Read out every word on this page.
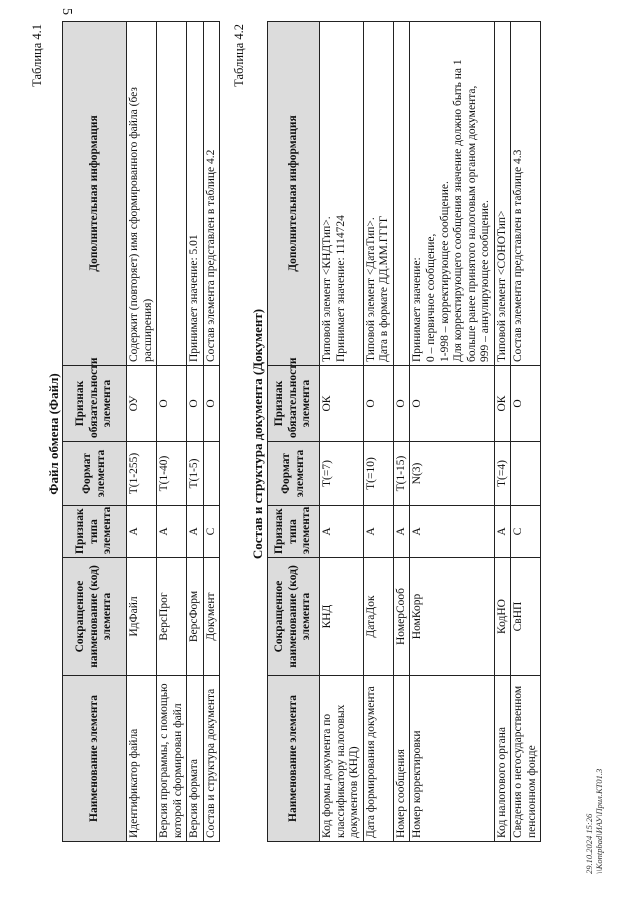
5
Таблица 4.1
Файл обмена (Файл)
Наименование элемента	Сокращенное наименование (код) элемента	Признак типа элемента	Формат элемента	Признак обязательности элемента	Дополнительная информация
Идентификатор файла	ИдФайл	А	Т(1-255)	ОУ	Содержит (повторяет) имя сформированного файла (без расширения)
Версия программы, с помощью которой сформирован файл	ВерсПрог	А	Т(1-40)	О	
Версия формата	ВерсФорм	А	Т(1-5)	О	Принимает значение: 5.01
Состав и структура документа	Документ	С		О	Состав элемента представлен в таблице 4.2
Таблица 4.2
Состав и структура документа (Документ)
Наименование элемента	Сокращенное наименование (код) элемента	Признак типа элемента	Формат элемента	Признак обязательности элемента	Дополнительная информация
Код формы документа по классификатору налоговых документов (КНД)	КНД	А	Т(=7)	ОК	Типовой элемент <КНДТип>.
Принимает значение: 1114724
Дата формирования документа	ДатаДок	А	Т(=10)	О	Типовой элемент <ДатаТип>.
Дата в формате ДД.ММ.ГГГГ
Номер сообщения	НомерСооб	А	Т(1-15)	О	
Номер корректировки	НомКорр	А	N(3)	О	Принимает значение:
0 – первичное сообщение,
1-998 – корректирующее сообщение.
Для корректирующего сообщения значение должно быть на 1 больше ранее принятого налоговым органом документа,
999 – аннулирующее сообщение.
Код налогового органа	КодНО	А	Т(=4)	ОК	Типовой элемент <СОНОТип>
Сведения о негосударственном пенсионном фонде	СвНП	С		О	Состав элемента представлен в таблице 4.3
29.10.2024 15:26 \\Kontpbad\ИАУ\Прил.КТ01.3
